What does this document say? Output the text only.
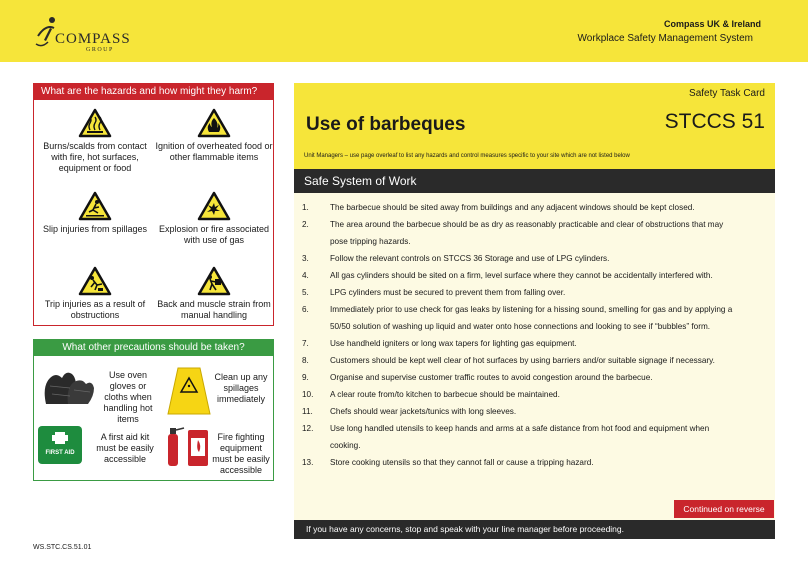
COMPASS
GROUP
Compass UK & Ireland
Workplace Safety Management System
What are the hazards and how might they harm?
Burns/scalds from contact with fire, hot surfaces, equipment or food
Ignition of overheated food or other flammable items
Slip injuries from spillages	Explosion or fire associated with use of gas
Trip injuries as a result of obstructions
Back and muscle strain from manual handling
What other precautions should be taken?
Use oven gloves or cloths when handling hot items
Clean up any spillages immediately
FIRST AID
A first aid kit must be easily accessible
Fire fighting equipment must be easily accessible
WS.STC.CS.51.01
Safety Task Card
Use of barbeques	STCCS 51
Unit Managers – use page overleaf to list any hazards and control measures specific to your site which are not listed below
Safe System of Work
1.	The barbecue should be sited away from buildings and any adjacent windows should be kept closed.
2.	The area around the barbecue should be as dry as reasonably practicable and clear of obstructions that may
pose tripping hazards.
3.	Follow the relevant controls on STCCS 36 Storage and use of LPG cylinders.
4.	All gas cylinders should be sited on a firm, level surface where they cannot be accidentally interfered with.
5.	LPG cylinders must be secured to prevent them from falling over.
6.	Immediately prior to use check for gas leaks by listening for a hissing sound, smelling for gas and by applying a
50/50 solution of washing up liquid and water onto hose connections and looking to see if “bubbles” form.
7.	Use handheld igniters or long wax tapers for lighting gas equipment.
8.	Customers should be kept well clear of hot surfaces by using barriers and/or suitable signage if necessary.
9.	Organise and supervise customer traffic routes to avoid congestion around the barbecue.
10.	A clear route from/to kitchen to barbecue should be maintained.
11.	Chefs should wear jackets/tunics with long sleeves.
12.	Use long handled utensils to keep hands and arms at a safe distance from hot food and equipment when
cooking.
13.	Store cooking utensils so that they cannot fall or cause a tripping hazard.
Continued on reverse
If you have any concerns, stop and speak with your line manager before proceeding.
